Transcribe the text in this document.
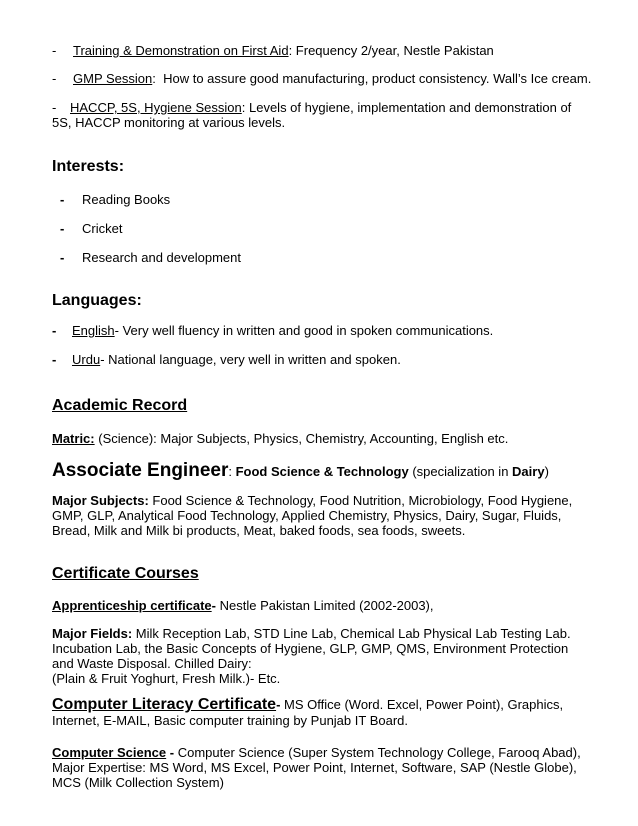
- Training & Demonstration on First Aid: Frequency 2/year, Nestle Pakistan
- GMP Session:  How to assure good manufacturing, product consistency. Wall’s Ice cream.
- HACCP, 5S, Hygiene Session: Levels of hygiene, implementation and demonstration of 5S, HACCP monitoring at various levels.
Interests:
- Reading Books
- Cricket
- Research and development
Languages:
- English- Very well fluency in written and good in spoken communications.
- Urdu- National language, very well in written and spoken.
Academic Record
Matric: (Science): Major Subjects, Physics, Chemistry, Accounting, English etc.
Associate Engineer: Food Science & Technology (specialization in Dairy)
Major Subjects: Food Science & Technology, Food Nutrition, Microbiology, Food Hygiene, GMP, GLP, Analytical Food Technology, Applied Chemistry, Physics, Dairy, Sugar, Fluids, Bread, Milk and Milk bi products, Meat, baked foods, sea foods, sweets.
Certificate Courses
Apprenticeship certificate- Nestle Pakistan Limited (2002-2003),
Major Fields: Milk Reception Lab, STD Line Lab, Chemical Lab Physical Lab Testing Lab. Incubation Lab, the Basic Concepts of Hygiene, GLP, GMP, QMS, Environment Protection and Waste Disposal. Chilled Dairy:
(Plain & Fruit Yoghurt, Fresh Milk.)- Etc.
Computer Literacy Certificate- MS Office (Word. Excel, Power Point), Graphics, Internet, E-MAIL, Basic computer training by Punjab IT Board.
Computer Science - Computer Science (Super System Technology College, Farooq Abad), Major Expertise: MS Word, MS Excel, Power Point, Internet, Software, SAP (Nestle Globe), MCS (Milk Collection System)
